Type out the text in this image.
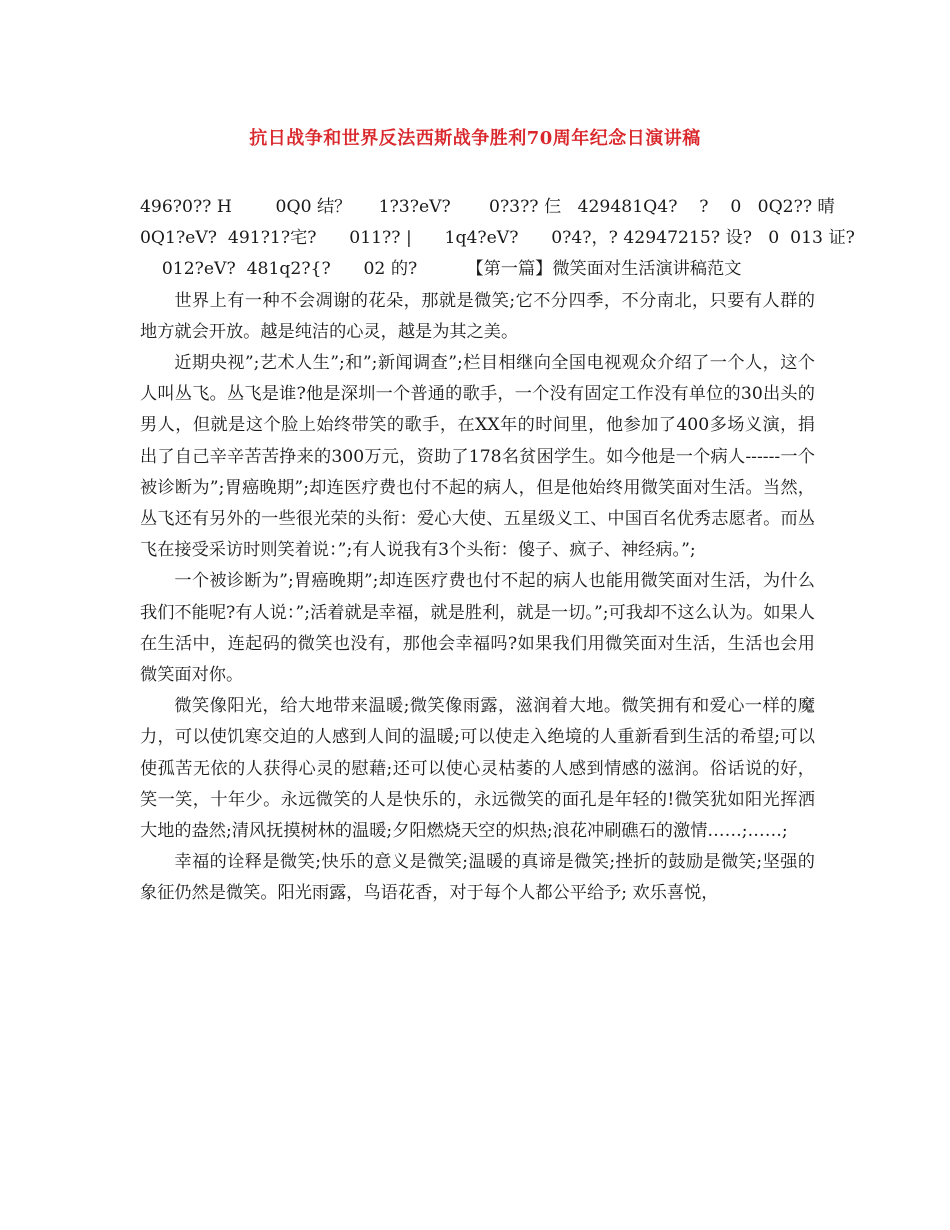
抗日战争和世界反法西斯战争胜利70周年纪念日演讲稿
496?0?? H        0Q0 结？     1?3?eV?       0?3?? 仨   429481Q4?    ?    0   0Q2?? 晴
0Q1?eV?  491?1?宅?      011?? |      1q4?eV?      0?4?，? 42947215? 设?   0  013 证?
012?eV?  481q2?{?      02 的?         【第一篇】微笑面对生活演讲稿范文

世界上有一种不会凋谢的花朵，那就是微笑;它不分四季，不分南北，只要有人群的地方就会开放。越是纯洁的心灵，越是为其之美。

近期央视”;艺术人生”;和”;新闻调查”;栏目相继向全国电视观众介绍了一个人，这个人叫丛飞。丛飞是谁?他是深圳一个普通的歌手，一个没有固定工作没有单位的30出头的男人，但就是这个脸上始终带笑的歌手，在XX年的时间里，他参加了400多场义演，捐出了自己辛辛苦苦挣来的300万元，资助了178名贫困学生。如今他是一个病人------一个被诊断为”;胃癌晚期”;却连医疗费也付不起的病人，但是他始终用微笑面对生活。当然，丛飞还有另外的一些很光荣的头衔：爱心大使、五星级义工、中国百名优秀志愿者。而丛飞在接受采访时则笑着说：”;有人说我有3个头衔：傻子、疯子、神经病。”;

一个被诊断为”;胃癌晚期”;却连医疗费也付不起的病人也能用微笑面对生活，为什么我们不能呢?有人说：”;活着就是幸福，就是胜利，就是一切。”;可我却不这么认为。如果人在生活中，连起码的微笑也没有，那他会幸福吗?如果我们用微笑面对生活，生活也会用微笑面对你。

微笑像阳光，给大地带来温暖;微笑像雨露，滋润着大地。微笑拥有和爱心一样的魔力，可以使饥寒交迫的人感到人间的温暖;可以使走入绝境的人重新看到生活的希望;可以使孤苦无依的人获得心灵的慰藉;还可以使心灵枯萎的人感到情感的滋润。俗话说的好，笑一笑，十年少。永远微笑的人是快乐的，永远微笑的面孔是年轻的!微笑犹如阳光挥洒大地的盎然;清风抚摸树林的温暖;夕阳燃烧天空的炽热;浪花冲刷礁石的激情……;……;

幸福的诠释是微笑;快乐的意义是微笑;温暖的真谛是微笑;挫折的鼓励是微笑;坚强的象征仍然是微笑。阳光雨露，鸟语花香，对于每个人都公平给予; 欢乐喜悦，
